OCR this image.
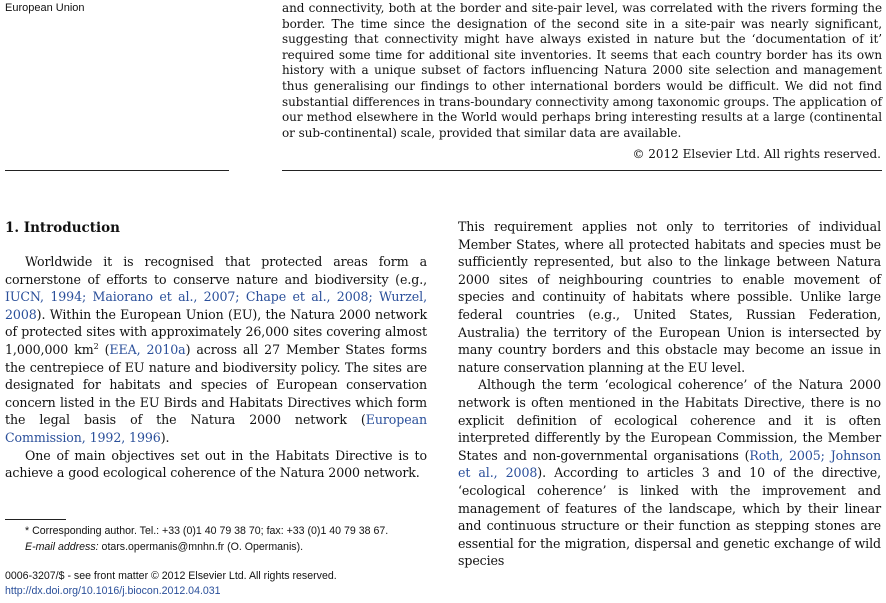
European Union	and connectivity, both at the border and site-pair level, was correlated with the rivers forming the border. The time since the designation of the second site in a site-pair was nearly significant, suggesting that connectivity might have always existed in nature but the ‘documentation of it’ required some time for additional site inventories. It seems that each country border has its own history with a unique subset of factors influencing Natura 2000 site selection and management thus generalising our findings to other international borders would be difficult. We did not find substantial differences in trans-boundary connectivity among taxonomic groups. The application of our method elsewhere in the World would perhaps bring interesting results at a large (continental or sub-continental) scale, provided that similar data are available.
© 2012 Elsevier Ltd. All rights reserved.
1. Introduction

Worldwide it is recognised that protected areas form a cornerstone of efforts to conserve nature and biodiversity (e.g., IUCN, 1994; Maiorano et al., 2007; Chape et al., 2008; Wurzel, 2008). Within the European Union (EU), the Natura 2000 network of protected sites with approximately 26,000 sites covering almost 1,000,000 $km^2$ (EEA, 2010a) across all 27 Member States forms the centrepiece of EU nature and biodiversity policy. The sites are designated for habitats and species of European conservation concern listed in the EU Birds and Habitats Directives which form the legal basis of the Natura 2000 network (European Commission, 1992, 1996).

One of main objectives set out in the Habitats Directive is to achieve a good ecological coherence of the Natura 2000 network.

This requirement applies not only to territories of individual Member States, where all protected habitats and species must be sufficiently represented, but also to the linkage between Natura 2000 sites of neighbouring countries to enable movement of species and continuity of habitats where possible. Unlike large federal countries (e.g., United States, Russian Federation, Australia) the territory of the European Union is intersected by many country borders and this obstacle may become an issue in nature conservation planning at the EU level.

Although the term ‘ecological coherence’ of the Natura 2000 network is often mentioned in the Habitats Directive, there is no explicit definition of ecological coherence and it is often interpreted differently by the European Commission, the Member States and non-governmental organisations (Roth, 2005; Johnson et al., 2008). According to articles 3 and 10 of the directive, ‘ecological coherence’ is linked with the improvement and management of features of the landscape, which by their linear and continuous structure or their function as stepping stones are essential for the migration, dispersal and genetic exchange of wild species

* Corresponding author. Tel.: +33 (0)1 40 79 38 70; fax: +33 (0)1 40 79 38 67.
E-mail address: otars.opermanis@mnhn.fr (O. Opermanis).
0006-3207/$ - see front matter © 2012 Elsevier Ltd. All rights reserved.
http://dx.doi.org/10.1016/j.biocon.2012.04.031
